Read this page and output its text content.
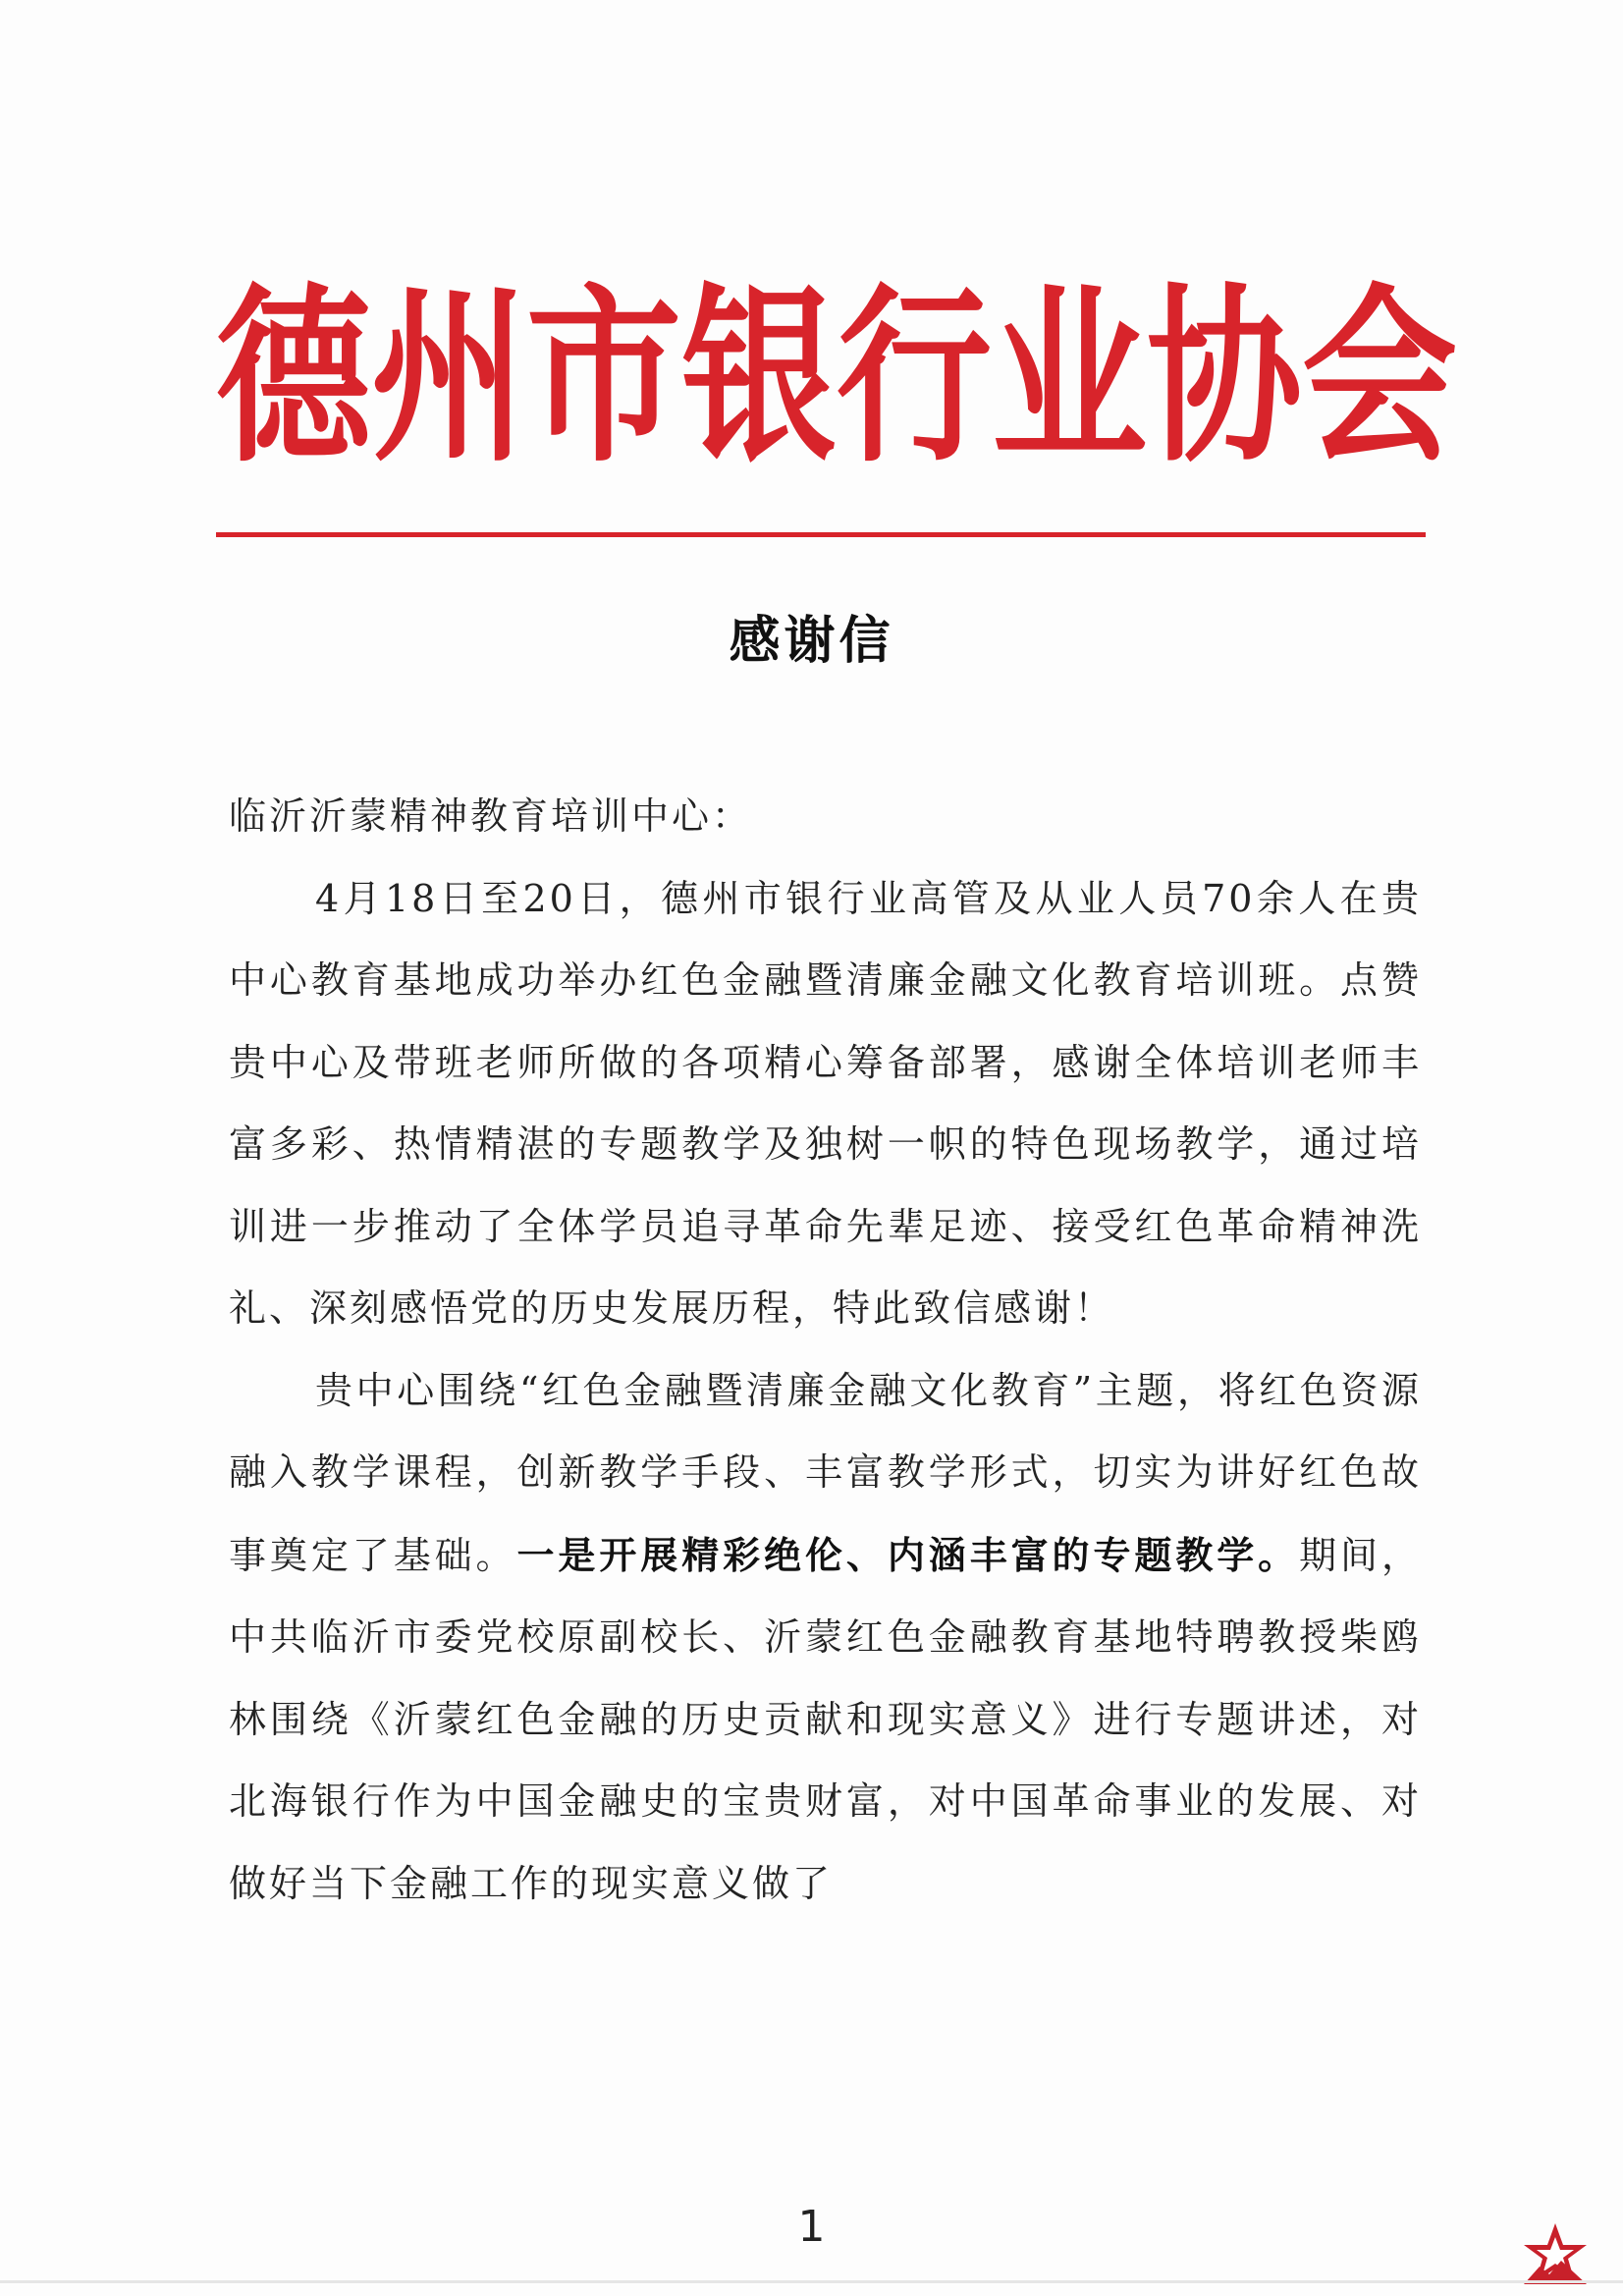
德 州 市 银 行 业 协 会
感谢信

临沂沂蒙精神教育培训中心：

4月18日至20日，德州市银行业高管及从业人员70余人在贵中心教育基地成功举办红色金融暨清廉金融文化教育培训班。点赞贵中心及带班老师所做的各项精心筹备部署，感谢全体培训老师丰富多彩、热情精湛的专题教学及独树一帜的特色现场教学，通过培训进一步推动了全体学员追寻革命先辈足迹、接受红色革命精神洗礼、深刻感悟党的历史发展历程，特此致信感谢！

贵中心围绕“红色金融暨清廉金融文化教育”主题，将红色资源融入教学课程，创新教学手段、丰富教学形式，切实为讲好红色故事奠定了基础。一是开展精彩绝伦、内涵丰富的专题教学。期间，中共临沂市委党校原副校长、沂蒙红色金融教育基地特聘教授柴鸥林围绕《沂蒙红色金融的历史贡献和现实意义》进行专题讲述，对北海银行作为中国金融史的宝贵财富，对中国革命事业的发展、对做好当下金融工作的现实意义做了

1
